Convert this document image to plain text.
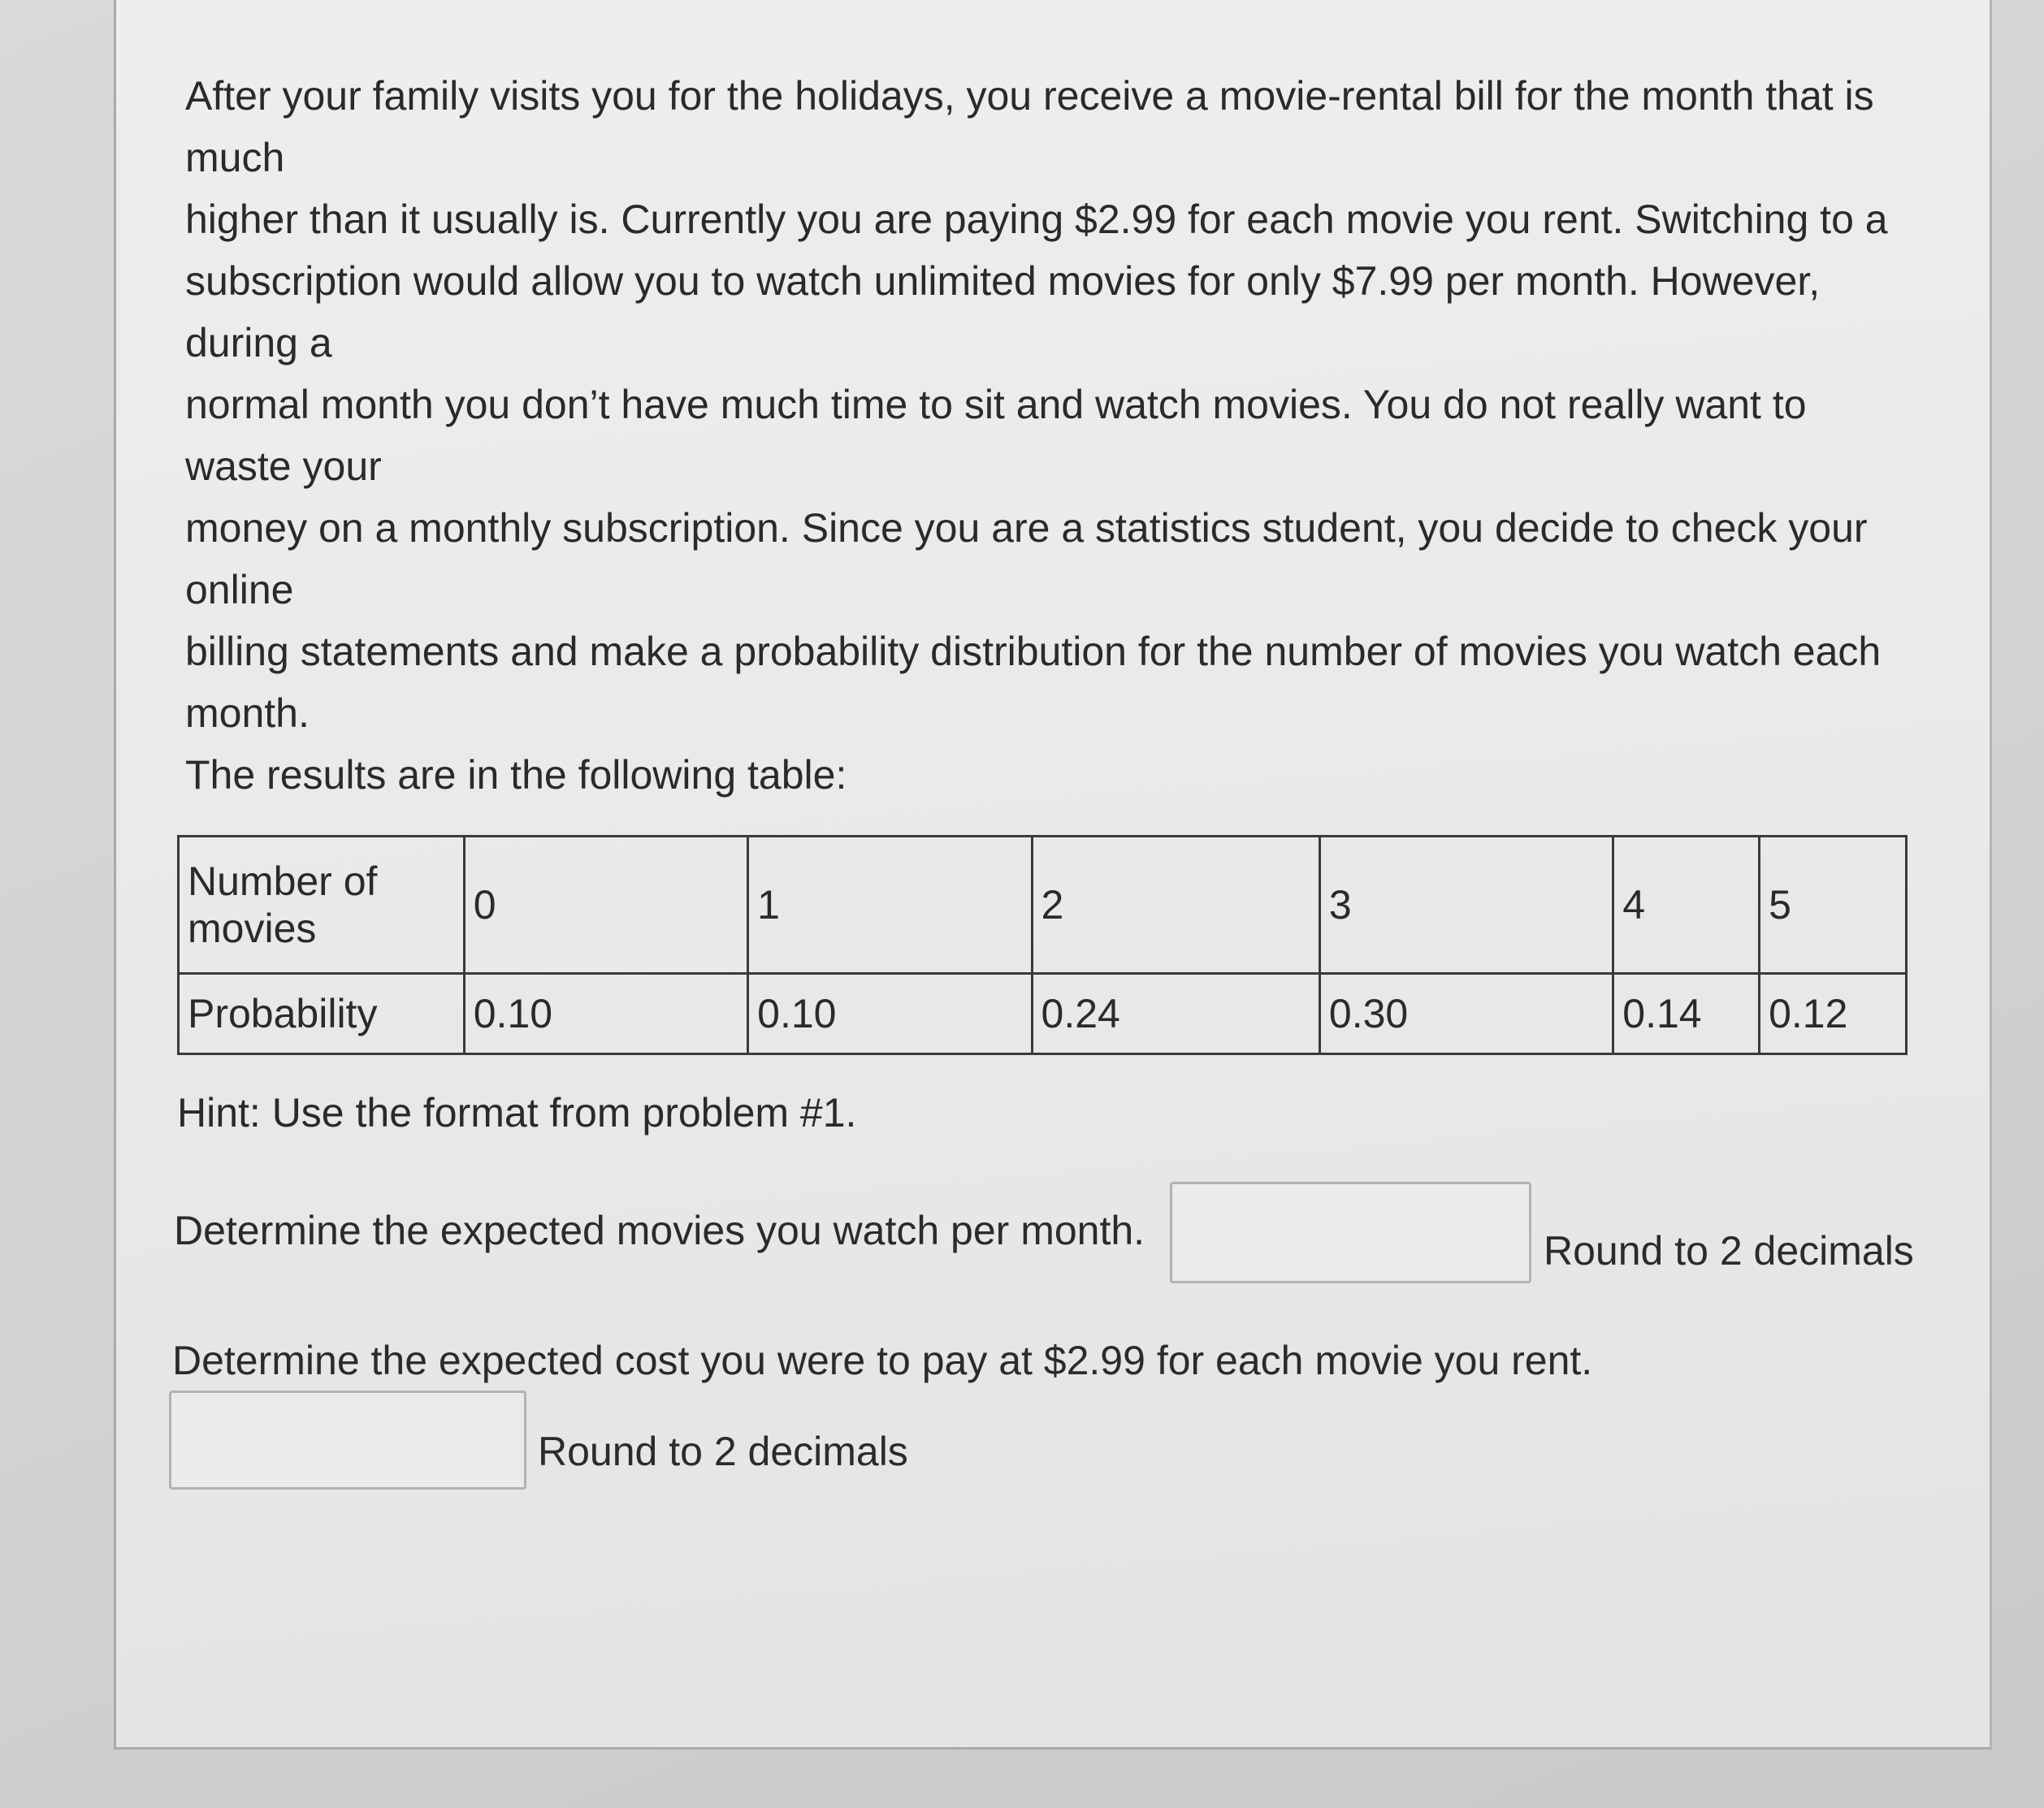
After your family visits you for the holidays, you receive a movie-rental bill for the month that is
much
higher than it usually is. Currently you are paying $2.99 for each movie you rent. Switching to a
subscription would allow you to watch unlimited movies for only $7.99 per month. However,
during a
normal month you don’t have much time to sit and watch movies. You do not really want to
waste your
money on a monthly subscription. Since you are a statistics student, you decide to check your
online
billing statements and make a probability distribution for the number of movies you watch each
month.
The results are in the following table:
Number of movies	0	1	2	3	4	5
Probability	0.10	0.10	0.24	0.30	0.14	0.12
Hint: Use the format from problem #1.
Determine the expected movies you watch per month.	Round to 2 decimals
Determine the expected cost you were to pay at $2.99 for each movie you rent.
Round to 2 decimals
